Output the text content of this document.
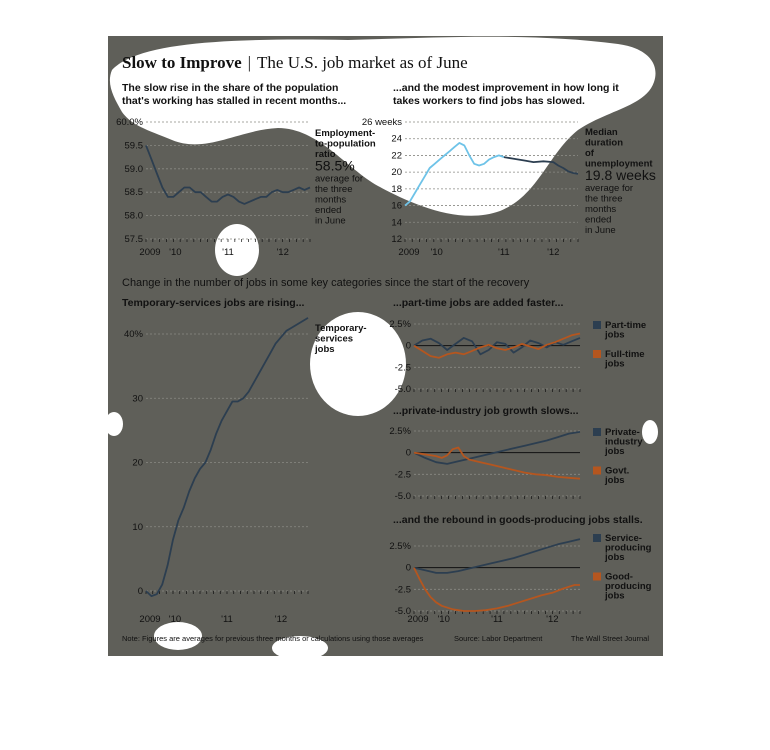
Slow to Improve | The U.S. job market as of June
The slow rise in the share of the population
that's working has stalled in recent months...
60.0%
59.5
59.0
58.5
58.0
57.5
2009 '10	'11	'12
Employment-
to-population
ratio
58.5%
average for
the three
months
ended
in June
...and the modest improvement in how long it
takes workers to find jobs has slowed.
26 weeks
24
22
20
18
16
14
12
2009 '10	'11	'12
Median
duration
of
unemployment
19.8 weeks
average for
the three
months
ended
in June
Temporary-services jobs are rising...
40%
30
20
10
0
2009 '10	'11	'12
Temporary-
services
jobs
...part-time jobs are added faster...
2.5%
0
-2.5
-5.0
Part-time
jobs
Full-time
jobs
...private-industry job growth slows...
2.5%
0
-2.5
-5.0
Private-
industry
jobs
Govt.
jobs
...and the rebound in goods-producing jobs stalls.
2.5%
0
-2.5
-5.0
2009 '10	'11	'12
Service-
producing
jobs
Good-
producing
jobs
Change in the number of jobs in some key categories since the start of the recovery
Note: Figures are averages for previous three months or calculations using those averages	Source: Labor Department	The Wall Street Journal
